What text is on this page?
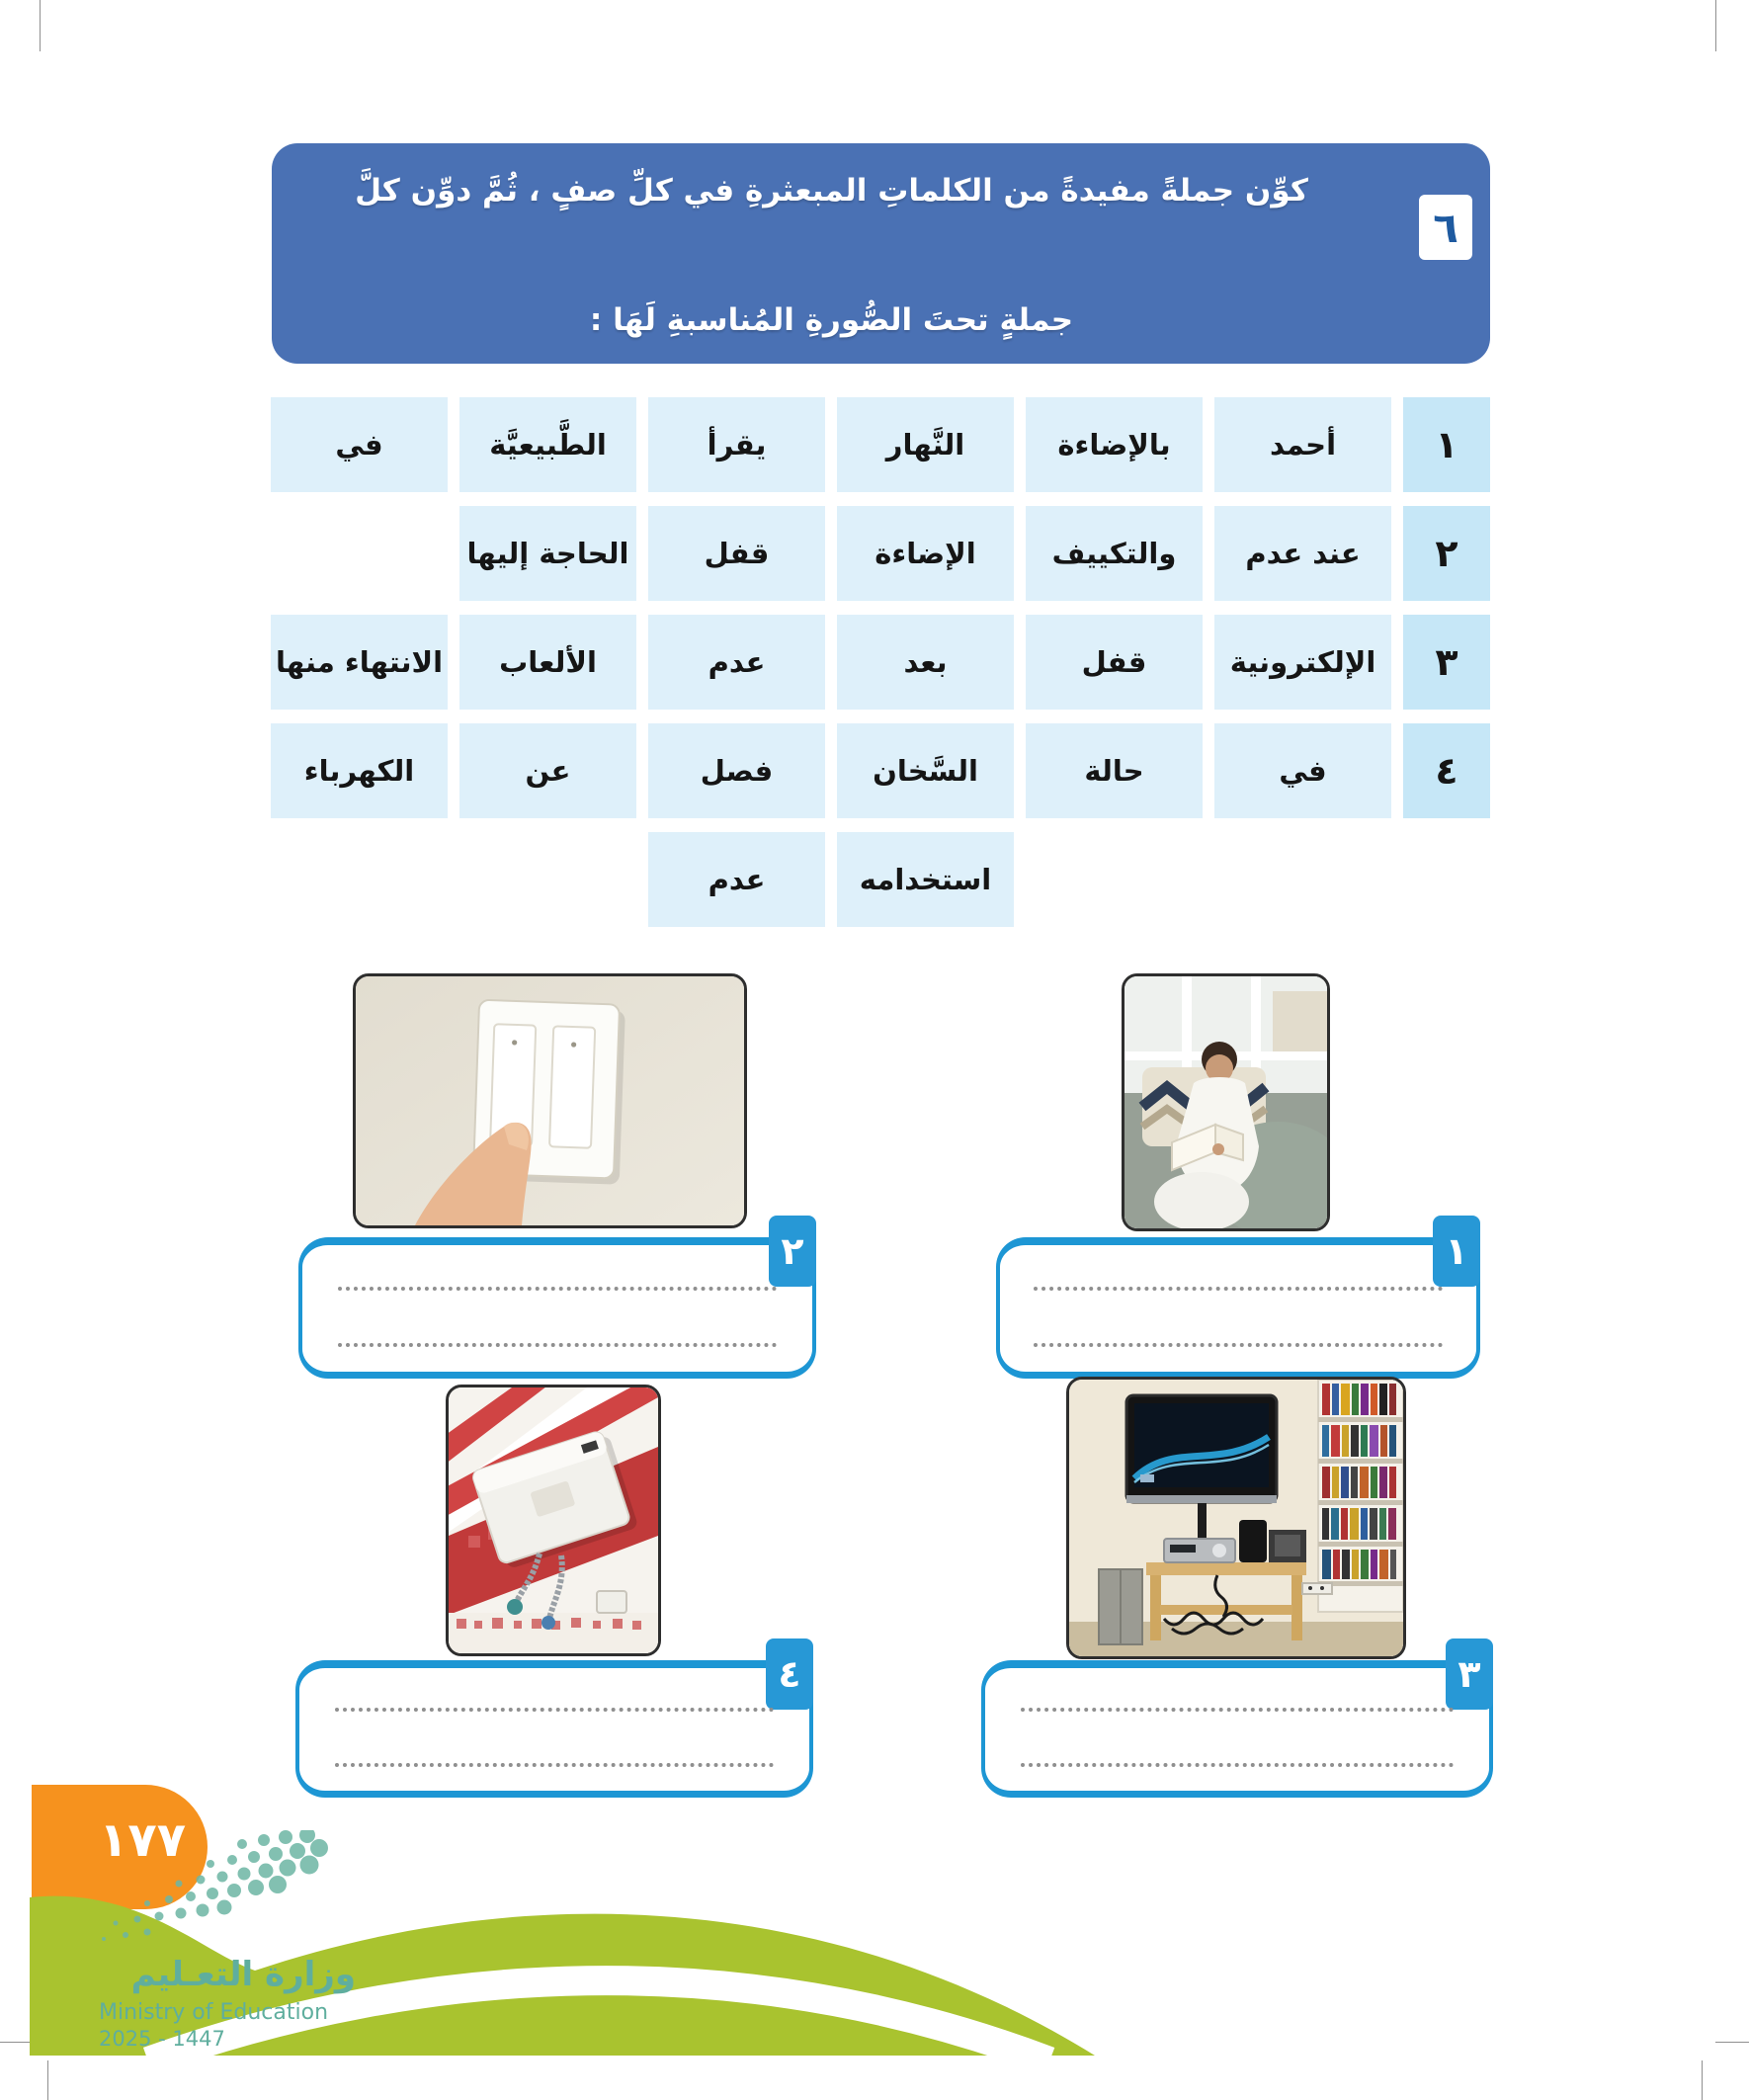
٦
كوِّن جملةً مفيدةً من الكلماتِ المبعثرةِ في كلِّ صفٍ ، ثُمَّ دوِّن كلَّ
جملةٍ تحتَ الصُّورةِ المُناسبةِ لَهَا :
١
أحمد
بالإضاءة
النَّهار
يقرأ
الطَّبيعيَّة
في
٢
عند عدم
والتكييف
الإضاءة
قفل
الحاجة إليها
٣
الإلكترونية
قفل
بعد
عدم
الألعاب
الانتهاء منها
٤
في
حالة
السَّخان
فصل
عن
الكهرباء
استخدامه
عدم
٢	١
٤	٣
١٧٧
وزارة التعـليم
Ministry of Education
2025 - 1447
